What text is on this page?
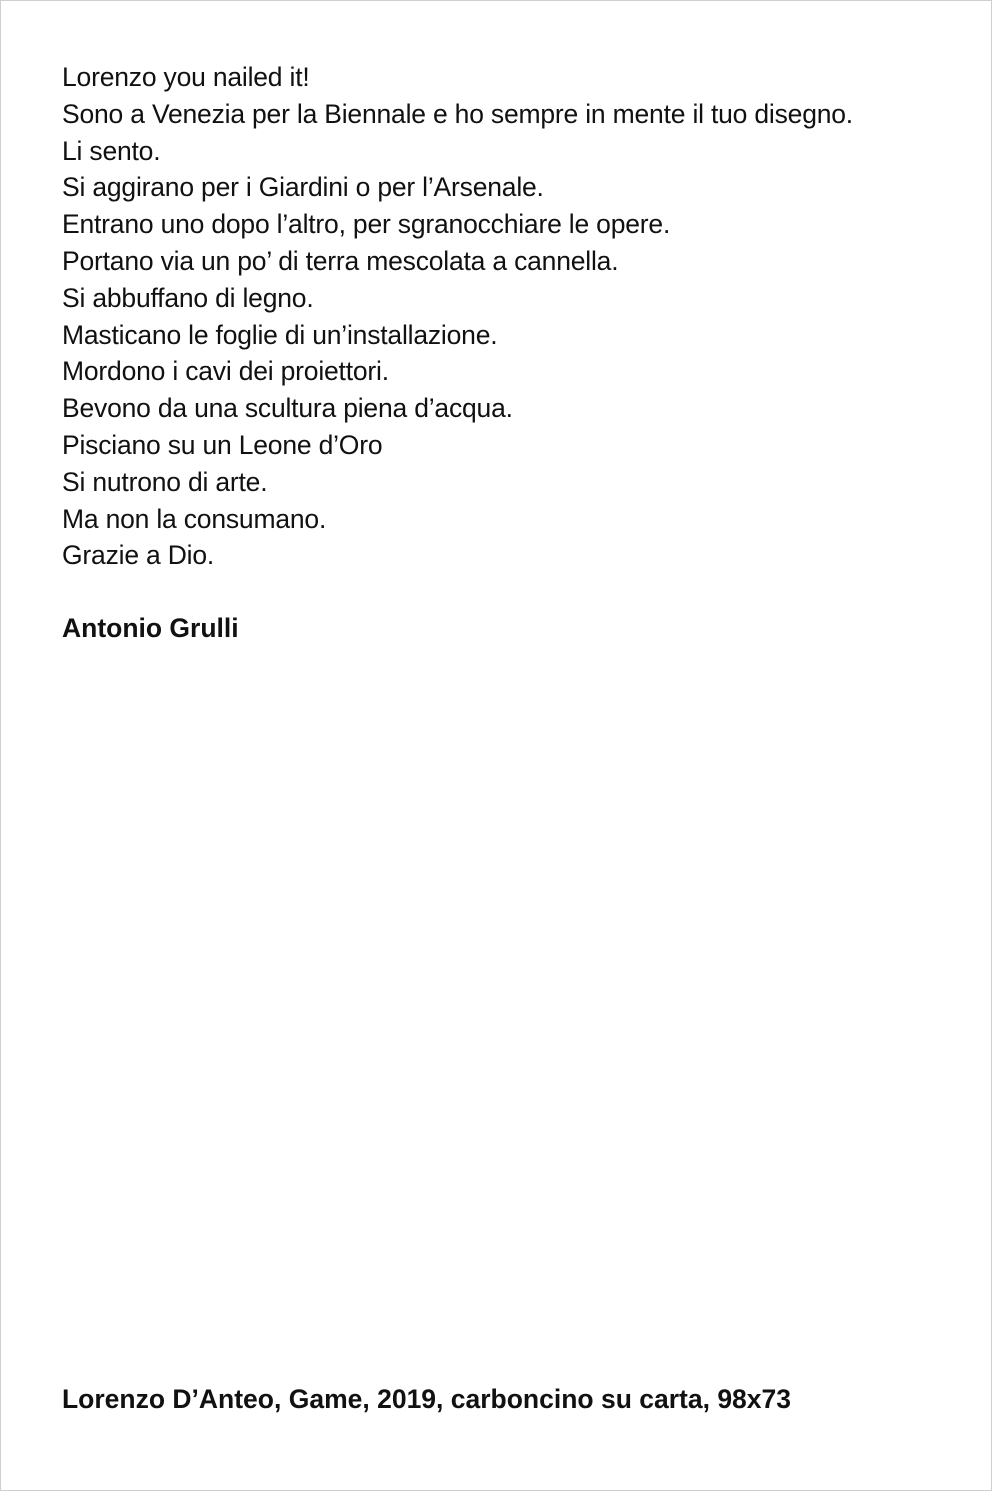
Lorenzo you nailed it!
Sono a Venezia per la Biennale e ho sempre in mente il tuo disegno.
Li sento.
Si aggirano per i Giardini o per l’Arsenale.
Entrano uno dopo l’altro, per sgranocchiare le opere.
Portano via un po’ di terra mescolata a cannella.
Si abbuffano di legno.
Masticano le foglie di un’installazione.
Mordono i cavi dei proiettori.
Bevono da una scultura piena d’acqua.
Pisciano su un Leone d’Oro
Si nutrono di arte.
Ma non la consumano.
Grazie a Dio.
Antonio Grulli
Lorenzo D’Anteo, Game, 2019, carboncino su carta, 98x73
